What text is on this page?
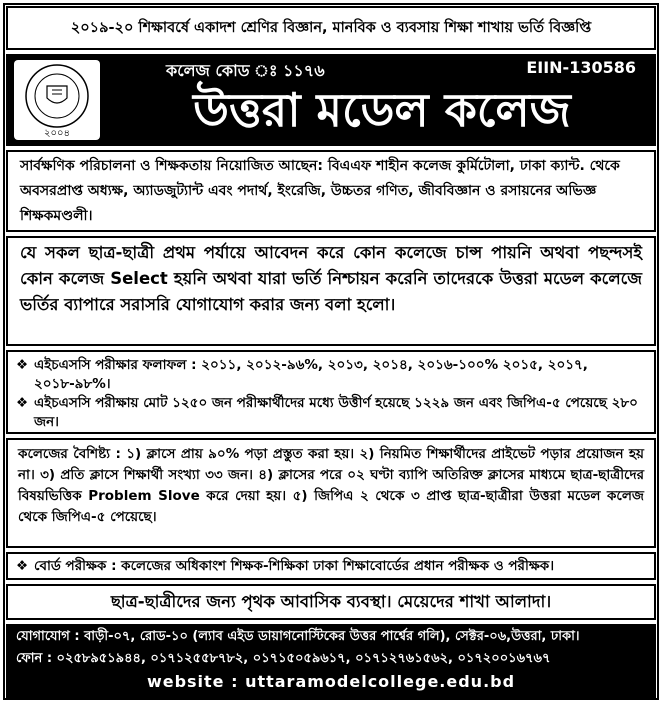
২০১৯-২০ শিক্ষাবর্ষে একাদশ শ্রেণির বিজ্ঞান, মানবিক ও ব্যবসায় শিক্ষা শাখায় ভর্তি বিজ্ঞপ্তি
২০০৪
কলেজ কোড ঃ ১১৭৬	EIIN-130586
উত্তরা মডেল কলেজ
সার্বক্ষণিক পরিচালনা ও শিক্ষকতায় নিয়োজিত আছেন: বিএএফ শাহীন কলেজ কুর্মিটোলা, ঢাকা ক্যান্ট. থেকে অবসরপ্রাপ্ত অধ্যক্ষ, অ্যাডজুট্যান্ট এবং পদার্থ, ইংরেজি, উচ্চতর গণিত, জীববিজ্ঞান ও রসায়নের অভিজ্ঞ শিক্ষকমণ্ডলী।
যে সকল ছাত্র-ছাত্রী প্রথম পর্যায়ে আবেদন করে কোন কলেজে চান্স পায়নি অথবা পছন্দসই কোন কলেজ Select হয়নি অথবা যারা ভর্তি নিশ্চায়ন করেনি তাদেরকে উত্তরা মডেল কলেজে ভর্তির ব্যাপারে সরাসরি যোগাযোগ করার জন্য বলা হলো।
❖ এইচএসসি পরীক্ষার ফলাফল : ২০১১, ২০১২-৯৬%, ২০১৩, ২০১৪, ২০১৬-১০০% ২০১৫, ২০১৭, ২০১৮-৯৮%।
❖ এইচএসসি পরীক্ষায় মোট ১২৫০ জন পরীক্ষার্থীদের মধ্যে উত্তীর্ণ হয়েছে ১২২৯ জন এবং জিপিএ-৫ পেয়েছে ২৮০ জন।
কলেজের বৈশিষ্ট্য : ১) ক্লাসে প্রায় ৯০% পড়া প্রস্তুত করা হয়। ২) নিয়মিত শিক্ষার্থীদের প্রাইভেট পড়ার প্রয়োজন হয় না। ৩) প্রতি ক্লাসে শিক্ষার্থী সংখ্যা ৩৩ জন। ৪) ক্লাসের পরে ০২ ঘণ্টা ব্যাপি অতিরিক্ত ক্লাসের মাধ্যমে ছাত্র-ছাত্রীদের বিষয়ভিত্তিক Problem Slove করে দেয়া হয়। ৫) জিপিএ ২ থেকে ৩ প্রাপ্ত ছাত্র-ছাত্রীরা উত্তরা মডেল কলেজ থেকে জিপিএ-৫ পেয়েছে।
❖ বোর্ড পরীক্ষক : কলেজের অধিকাংশ শিক্ষক-শিক্ষিকা ঢাকা শিক্ষাবোর্ডের প্রধান পরীক্ষক ও পরীক্ষক।
ছাত্র-ছাত্রীদের জন্য পৃথক আবাসিক ব্যবস্থা। মেয়েদের শাখা আলাদা।
যোগাযোগ : বাড়ী-০৭, রোড-১০ (ল্যাব এইড ডায়াগনোস্টিকের উত্তর পার্শ্বের গলি), সেক্টর-০৬,উত্তরা, ঢাকা।
ফোন : ০২৫৮৯৫১৯৪৪, ০১৭১২৫৫৮৭৮২, ০১৭১৫০৫৯৬১৭, ০১৭১২৭৬১৫৬২, ০১৭২০০১৬৭৬৭
website : uttaramodelcollege.edu.bd
